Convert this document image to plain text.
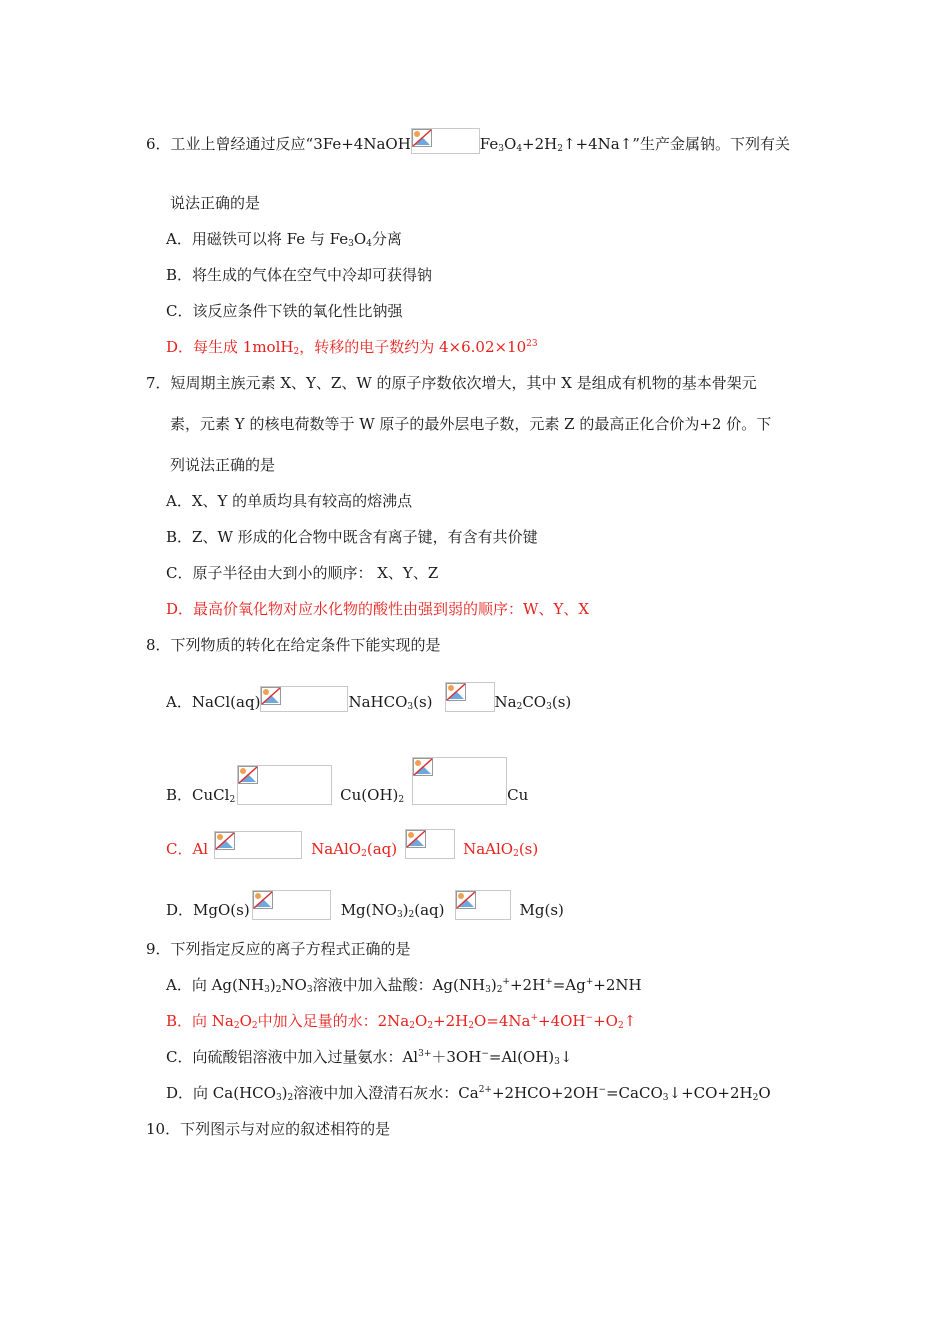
6．工业上曾经通过反应“3Fe+4NaOH	$Fe_3O_4+2H_2↑+4Na↑$”生产金属钠。下列有关
说法正确的是
A．用磁铁可以将 Fe 与 $Fe_3O_4$分离
B．将生成的气体在空气中冷却可获得钠
C．该反应条件下铁的氧化性比钠强
D．每生成 1molH$_2$，转移的电子数约为 $4\times 6.02\times 10^{23}$
7．短周期主族元素 X、Y、Z、W 的原子序数依次增大，其中 X 是组成有机物的基本骨架元
素，元素 Y 的核电荷数等于 W 原子的最外层电子数，元素 Z 的最高正化合价为+2 价。下
列说法正确的是
A．X、Y 的单质均具有较高的熔沸点
B．Z、W 形成的化合物中既含有离子键，有含有共价键
C．原子半径由大到小的顺序： X、Y、Z
D．最高价氧化物对应水化物的酸性由强到弱的顺序：W、Y、X
8．下列物质的转化在给定条件下能实现的是
A．NaCl(aq)	NaHCO$_3$(s)	$Na_2CO_3(s)$
B．CuCl$_2$	$Cu(OH)_2$	Cu
C．Al	NaAlO$_2$(aq)	NaAlO$_2$(s)
D．MgO(s)	$Mg(NO_3)_2(aq)$	Mg(s)
9．下列指定反应的离子方程式正确的是
A．向 $Ag(NH_3)_2NO_3$溶液中加入盐酸：$Ag(NH_3)_2^++2H^+=Ag^++2NH$
B．向 $Na_2O_2$中加入足量的水：$2Na_2O_2+2H_2O=4Na^++4OH^-+O_2↑$
C．向硫酸铝溶液中加入过量氨水：$Al^{3+}+3OH^-=Al(OH)_3↓$
D．向 $Ca(HCO_3)_2$溶液中加入澄清石灰水：$Ca^{2+}+2HCO+2OH^-=CaCO_3↓+CO+2H_2O$
10．下列图示与对应的叙述相符的是
